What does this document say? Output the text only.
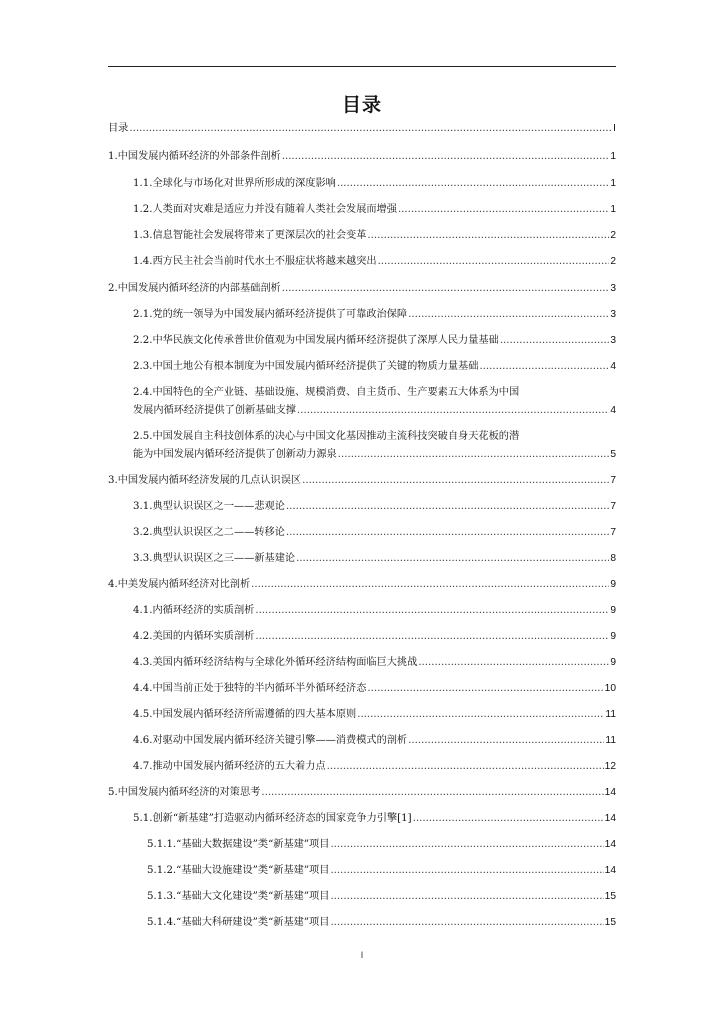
目录
目录 .....	I
1.中国发展内循环经济的外部条件剖析 .....	1
1.1.全球化与市场化对世界所形成的深度影响 .....	1
1.2.人类面对灾难是适应力并没有随着人类社会发展而增强 .....	1
1.3.信息智能社会发展将带来了更深层次的社会变革 .....	2
1.4.西方民主社会当前时代水土不服症状将越来越突出 .....	2
2.中国发展内循环经济的内部基础剖析 .....	3
2.1.党的统一领导为中国发展内循环经济提供了可靠政治保障 .....	3
2.2.中华民族文化传承普世价值观为中国发展内循环经济提供了深厚人民力量基础 .....	3
2.3.中国土地公有根本制度为中国发展内循环经济提供了关键的物质力量基础 .....	4
2.4.中国特色的全产业链、基础设施、规模消费、自主货币、生产要素五大体系为中国
发展内循环经济提供了创新基础支撑 .....	4
2.5.中国发展自主科技创体系的决心与中国文化基因推动主流科技突破自身天花板的潜
能为中国发展内循环经济提供了创新动力源泉 .....	5
3.中国发展内循环经济发展的几点认识误区 .....	7
3.1.典型认识误区之一——悲观论 .....	7
3.2.典型认识误区之二——转移论 .....	7
3.3.典型认识误区之三——新基建论 .....	8
4.中美发展内循环经济对比剖析 .....	9
4.1.内循环经济的实质剖析 .....	9
4.2.美国的内循环实质剖析 .....	9
4.3.美国内循环经济结构与全球化外循环经济结构面临巨大挑战 .....	9
4.4.中国当前正处于独特的半内循环半外循环经济态 .....	10
4.5.中国发展内循环经济所需遵循的四大基本原则 .....	11
4.6.对驱动中国发展内循环经济关键引擎——消费模式的剖析 .....	11
4.7.推动中国发展内循环经济的五大着力点 .....	12
5.中国发展内循环经济的对策思考 .....	14
5.1.创新“新基建”打造驱动内循环经济态的国家竞争力引擎[1] .....	14
5.1.1.“基础大数据建设”类“新基建”项目 .....	14
5.1.2.“基础大设施建设”类“新基建”项目 .....	14
5.1.3.“基础大文化建设”类“新基建”项目 .....	15
5.1.4.“基础大科研建设”类“新基建”项目 .....	15
I
